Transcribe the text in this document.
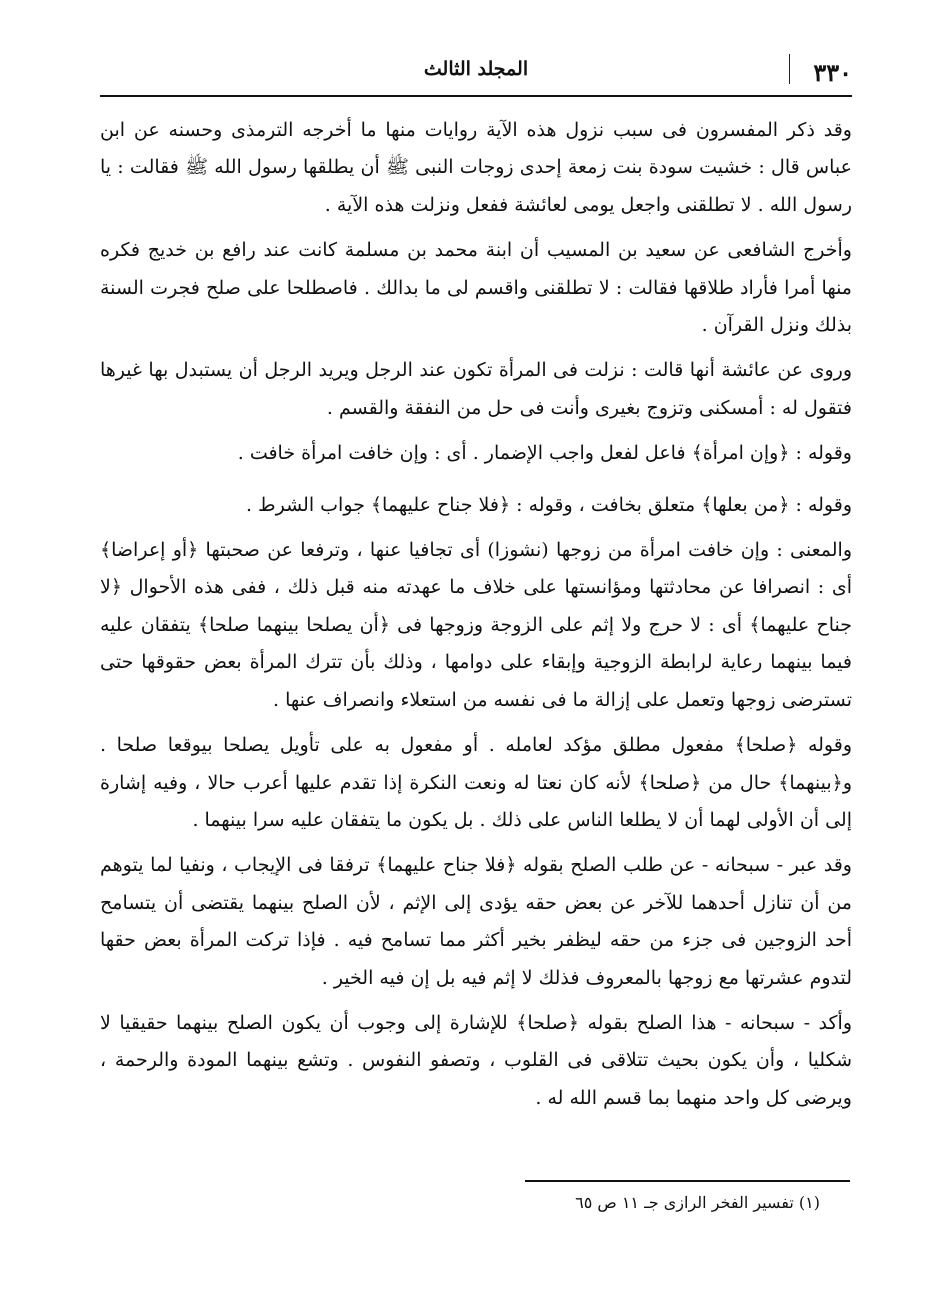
٣٣٠
المجلد الثالث

وقد ذكر المفسرون فى سبب نزول هذه الآية روايات منها ما أخرجه الترمذى وحسنه عن ابن عباس قال : خشيت سودة بنت زمعة إحدى زوجات النبى ﷺ أن يطلقها رسول الله ﷺ فقالت : يا رسول الله . لا تطلقنى واجعل يومى لعائشة ففعل ونزلت هذه الآية .

وأخرج الشافعى عن سعيد بن المسيب أن ابنة محمد بن مسلمة كانت عند رافع بن خديج فكره منها أمرا فأراد طلاقها فقالت : لا تطلقنى واقسم لى ما بدالك . فاصطلحا على صلح فجرت السنة بذلك ونزل القرآن .

وروى عن عائشة أنها قالت : نزلت فى المرأة تكون عند الرجل ويريد الرجل أن يستبدل بها غيرها فتقول له : أمسكنى وتزوج بغيرى وأنت فى حل من النفقة والقسم .

وقوله : ﴿وإن امرأة﴾ فاعل لفعل واجب الإضمار . أى : وإن خافت امرأة خافت .

وقوله : ﴿من بعلها﴾ متعلق بخافت ، وقوله : ﴿فلا جناح عليهما﴾ جواب الشرط .

والمعنى : وإن خافت امرأة من زوجها (نشوزا) أى تجافيا عنها ، وترفعا عن صحبتها ﴿أو إعراضا﴾ أى : انصرافا عن محادثتها ومؤانستها على خلاف ما عهدته منه قبل ذلك ، ففى هذه الأحوال ﴿لا جناح عليهما﴾ أى : لا حرج ولا إثم على الزوجة وزوجها فى ﴿أن يصلحا بينهما صلحا﴾ يتفقان عليه فيما بينهما رعاية لرابطة الزوجية وإبقاء على دوامها ، وذلك بأن تترك المرأة بعض حقوقها حتى تسترضى زوجها وتعمل على إزالة ما فى نفسه من استعلاء وانصراف عنها .

وقوله ﴿صلحا﴾ مفعول مطلق مؤكد لعامله . أو مفعول به على تأويل يصلحا بيوقعا صلحا . و﴿بينهما﴾ حال من ﴿صلحا﴾ لأنه كان نعتا له ونعت النكرة إذا تقدم عليها أعرب حالا ، وفيه إشارة إلى أن الأولى لهما أن لا يطلعا الناس على ذلك . بل يكون ما يتفقان عليه سرا بينهما .

وقد عبر - سبحانه - عن طلب الصلح بقوله ﴿فلا جناح عليهما﴾ ترفقا فى الإيجاب ، ونفيا لما يتوهم من أن تنازل أحدهما للآخر عن بعض حقه يؤدى إلى الإثم ، لأن الصلح بينهما يقتضى أن يتسامح أحد الزوجين فى جزء من حقه ليظفر بخير أكثر مما تسامح فيه . فإذا تركت المرأة بعض حقها لتدوم عشرتها مع زوجها بالمعروف فذلك لا إثم فيه بل إن فيه الخير .

وأكد - سبحانه - هذا الصلح بقوله ﴿صلحا﴾ للإشارة إلى وجوب أن يكون الصلح بينهما حقيقيا لا شكليا ، وأن يكون بحيث تتلاقى فى القلوب ، وتصفو النفوس . وتشع بينهما المودة والرحمة ، ويرضى كل واحد منهما بما قسم الله له .

(١) تفسير الفخر الرازى جـ ١١ ص ٦٥
